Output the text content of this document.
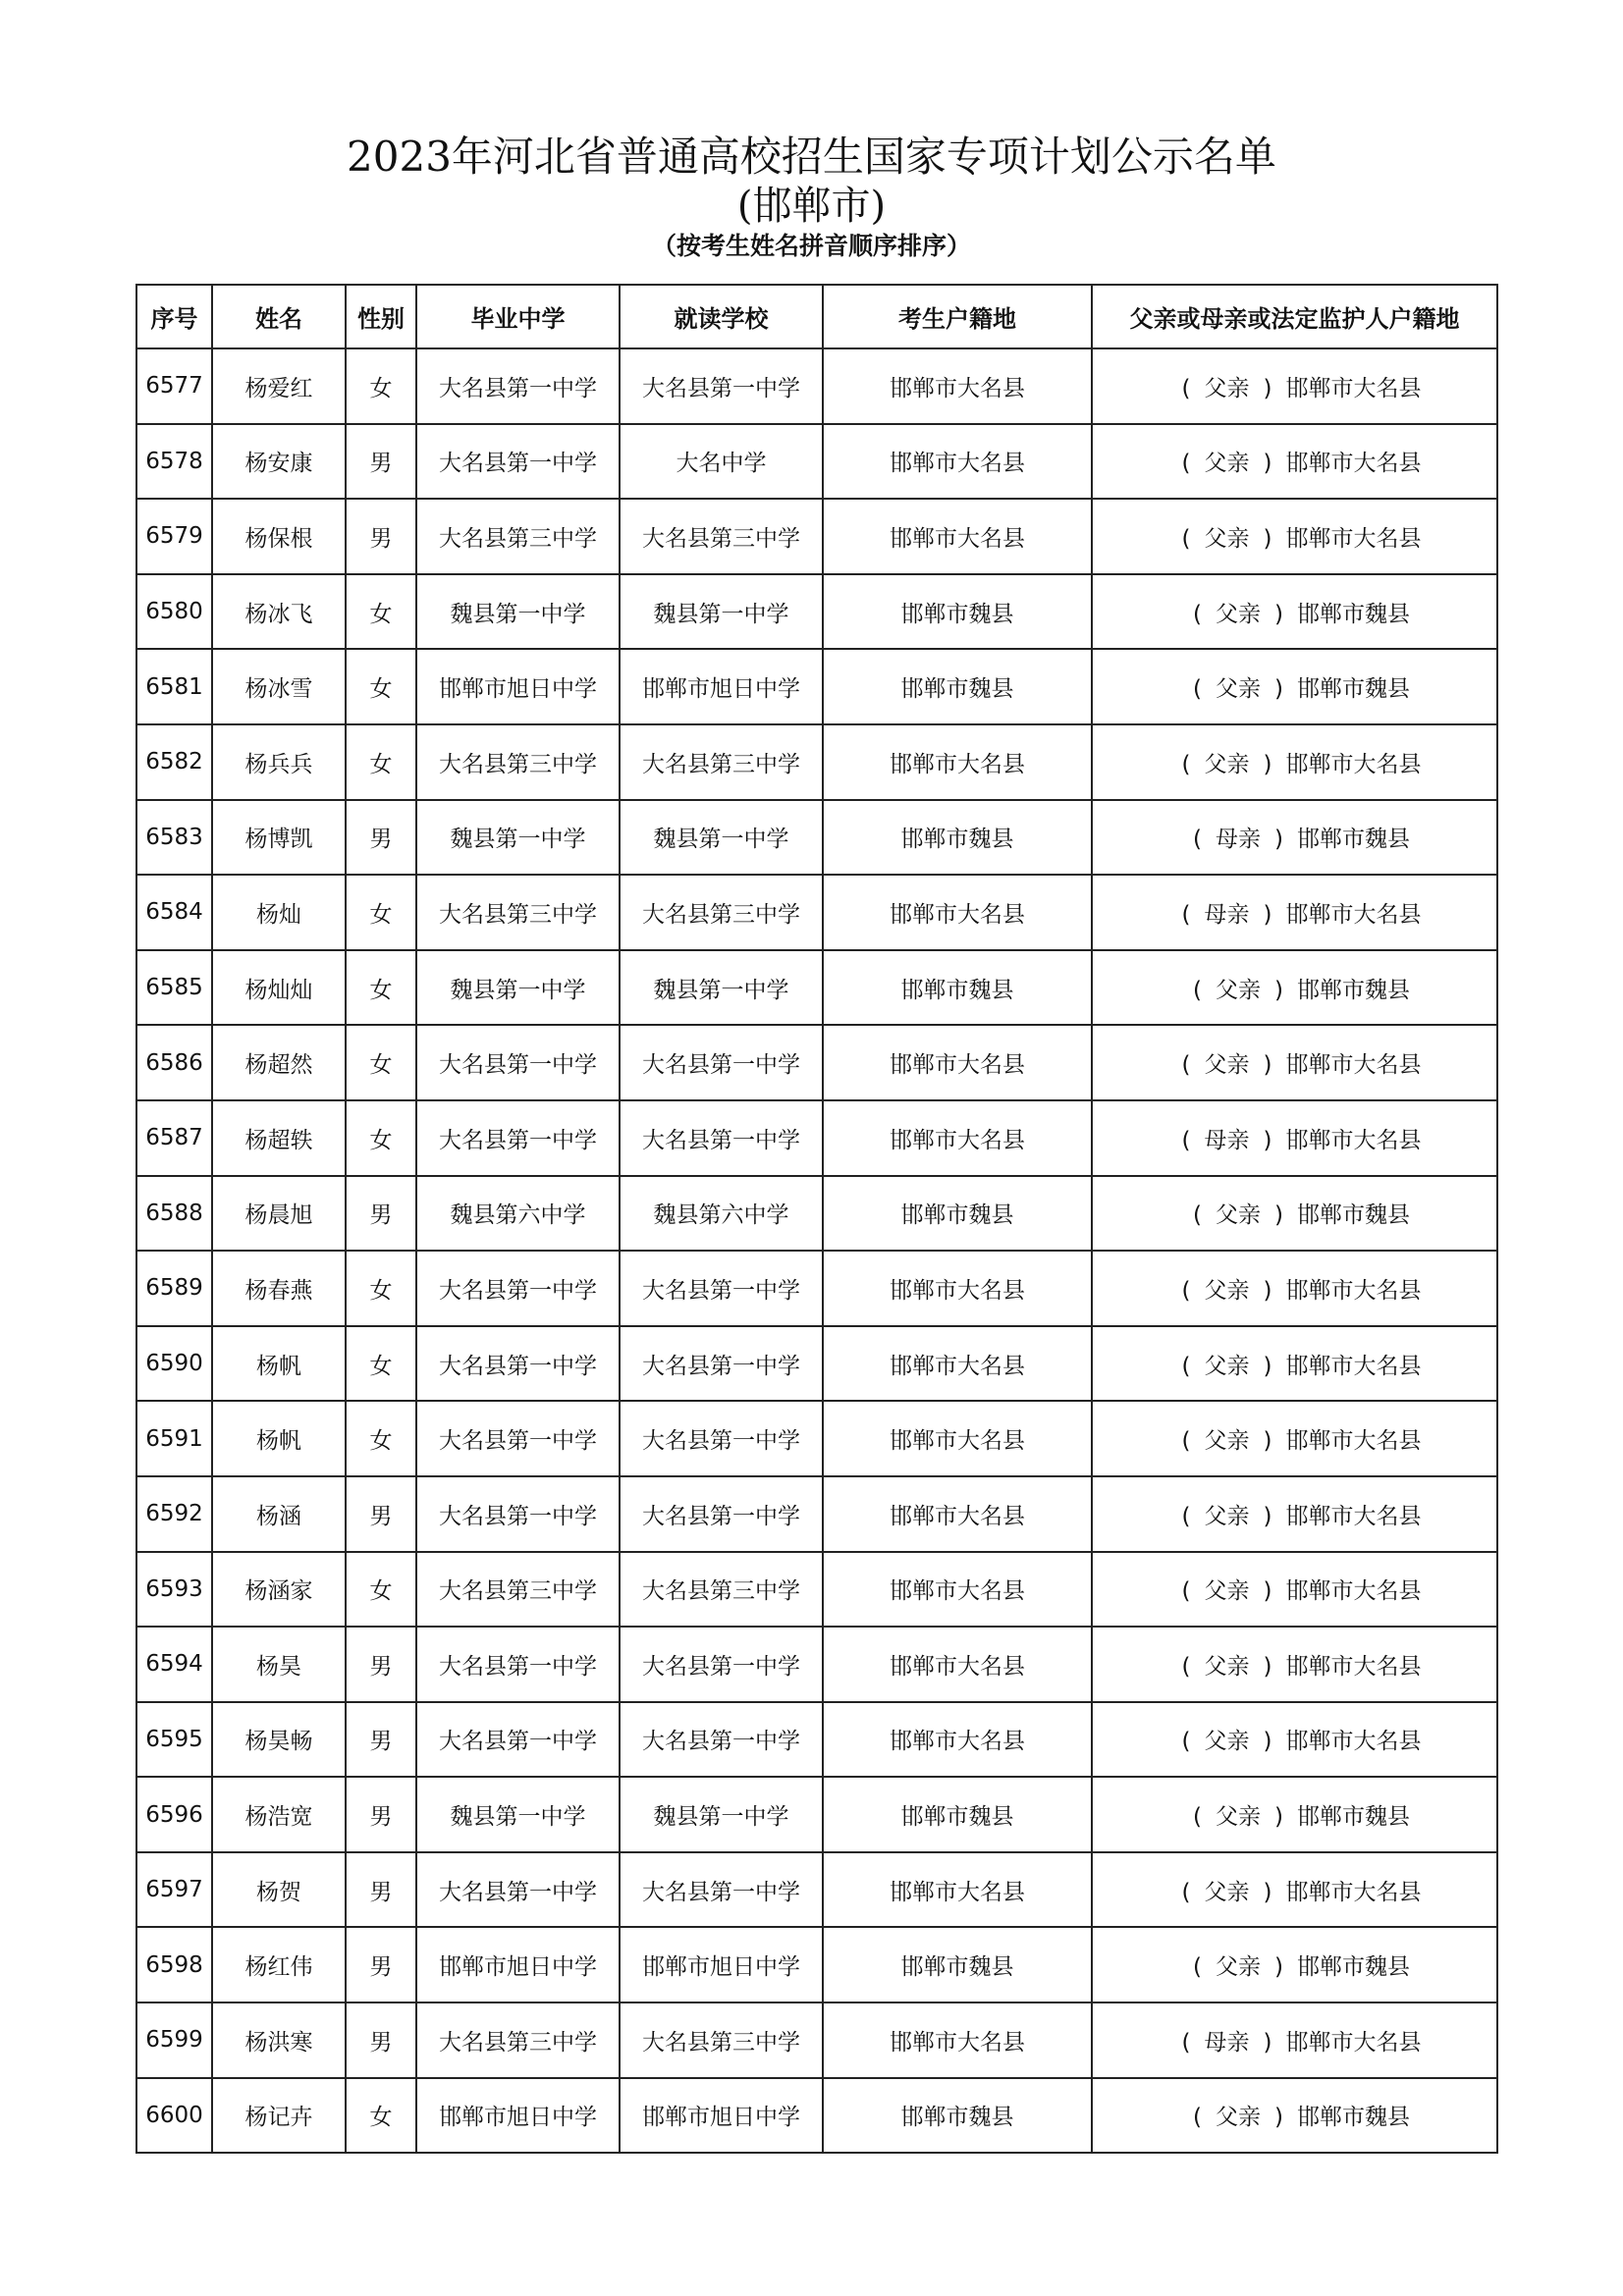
2023年河北省普通高校招生国家专项计划公示名单
(邯郸市)
（按考生姓名拼音顺序排序）
序号	姓名	性别	毕业中学	就读学校	考生户籍地	父亲或母亲或法定监护人户籍地
6577	杨爱红	女	大名县第一中学	大名县第一中学	邯郸市大名县	( 父亲 ) 邯郸市大名县
6578	杨安康	男	大名县第一中学	大名中学	邯郸市大名县	( 父亲 ) 邯郸市大名县
6579	杨保根	男	大名县第三中学	大名县第三中学	邯郸市大名县	( 父亲 ) 邯郸市大名县
6580	杨冰飞	女	魏县第一中学	魏县第一中学	邯郸市魏县	( 父亲 ) 邯郸市魏县
6581	杨冰雪	女	邯郸市旭日中学	邯郸市旭日中学	邯郸市魏县	( 父亲 ) 邯郸市魏县
6582	杨兵兵	女	大名县第三中学	大名县第三中学	邯郸市大名县	( 父亲 ) 邯郸市大名县
6583	杨博凯	男	魏县第一中学	魏县第一中学	邯郸市魏县	( 母亲 ) 邯郸市魏县
6584	杨灿	女	大名县第三中学	大名县第三中学	邯郸市大名县	( 母亲 ) 邯郸市大名县
6585	杨灿灿	女	魏县第一中学	魏县第一中学	邯郸市魏县	( 父亲 ) 邯郸市魏县
6586	杨超然	女	大名县第一中学	大名县第一中学	邯郸市大名县	( 父亲 ) 邯郸市大名县
6587	杨超轶	女	大名县第一中学	大名县第一中学	邯郸市大名县	( 母亲 ) 邯郸市大名县
6588	杨晨旭	男	魏县第六中学	魏县第六中学	邯郸市魏县	( 父亲 ) 邯郸市魏县
6589	杨春燕	女	大名县第一中学	大名县第一中学	邯郸市大名县	( 父亲 ) 邯郸市大名县
6590	杨帆	女	大名县第一中学	大名县第一中学	邯郸市大名县	( 父亲 ) 邯郸市大名县
6591	杨帆	女	大名县第一中学	大名县第一中学	邯郸市大名县	( 父亲 ) 邯郸市大名县
6592	杨涵	男	大名县第一中学	大名县第一中学	邯郸市大名县	( 父亲 ) 邯郸市大名县
6593	杨涵家	女	大名县第三中学	大名县第三中学	邯郸市大名县	( 父亲 ) 邯郸市大名县
6594	杨昊	男	大名县第一中学	大名县第一中学	邯郸市大名县	( 父亲 ) 邯郸市大名县
6595	杨昊畅	男	大名县第一中学	大名县第一中学	邯郸市大名县	( 父亲 ) 邯郸市大名县
6596	杨浩宽	男	魏县第一中学	魏县第一中学	邯郸市魏县	( 父亲 ) 邯郸市魏县
6597	杨贺	男	大名县第一中学	大名县第一中学	邯郸市大名县	( 父亲 ) 邯郸市大名县
6598	杨红伟	男	邯郸市旭日中学	邯郸市旭日中学	邯郸市魏县	( 父亲 ) 邯郸市魏县
6599	杨洪寒	男	大名县第三中学	大名县第三中学	邯郸市大名县	( 母亲 ) 邯郸市大名县
6600	杨记卉	女	邯郸市旭日中学	邯郸市旭日中学	邯郸市魏县	( 父亲 ) 邯郸市魏县
